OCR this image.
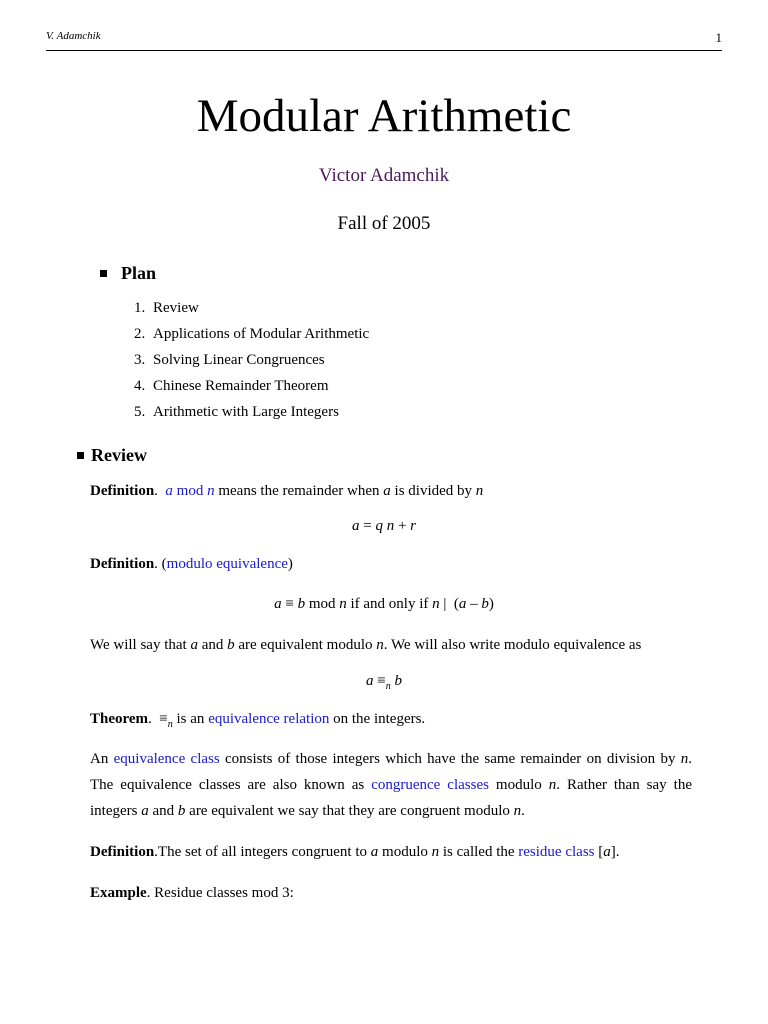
V. Adamchik	1
Modular Arithmetic
Victor Adamchik
Fall of 2005
Plan
1. Review
2. Applications of Modular Arithmetic
3. Solving Linear Congruences
4. Chinese Remainder Theorem
5. Arithmetic with Large Integers
Review
Definition.  a mod n means the remainder when a is divided by n
a = q n + r
Definition. (modulo equivalence)
a ≡ b mod n if and only if n |  (a – b)
We will say that a and b are equivalent modulo n. We will also write modulo equivalence as
$a \equiv_n$ b
Theorem.  $\equiv_n$ is an equivalence relation on the integers.
An equivalence class consists of those integers which have the same remainder on division by n. The equivalence classes are also known as congruence classes modulo n. Rather than say the integers a and b are equivalent we say that they are congruent modulo n.
Definition.The set of all integers congruent to a modulo n is called the residue class [a].
Example. Residue classes mod 3:
